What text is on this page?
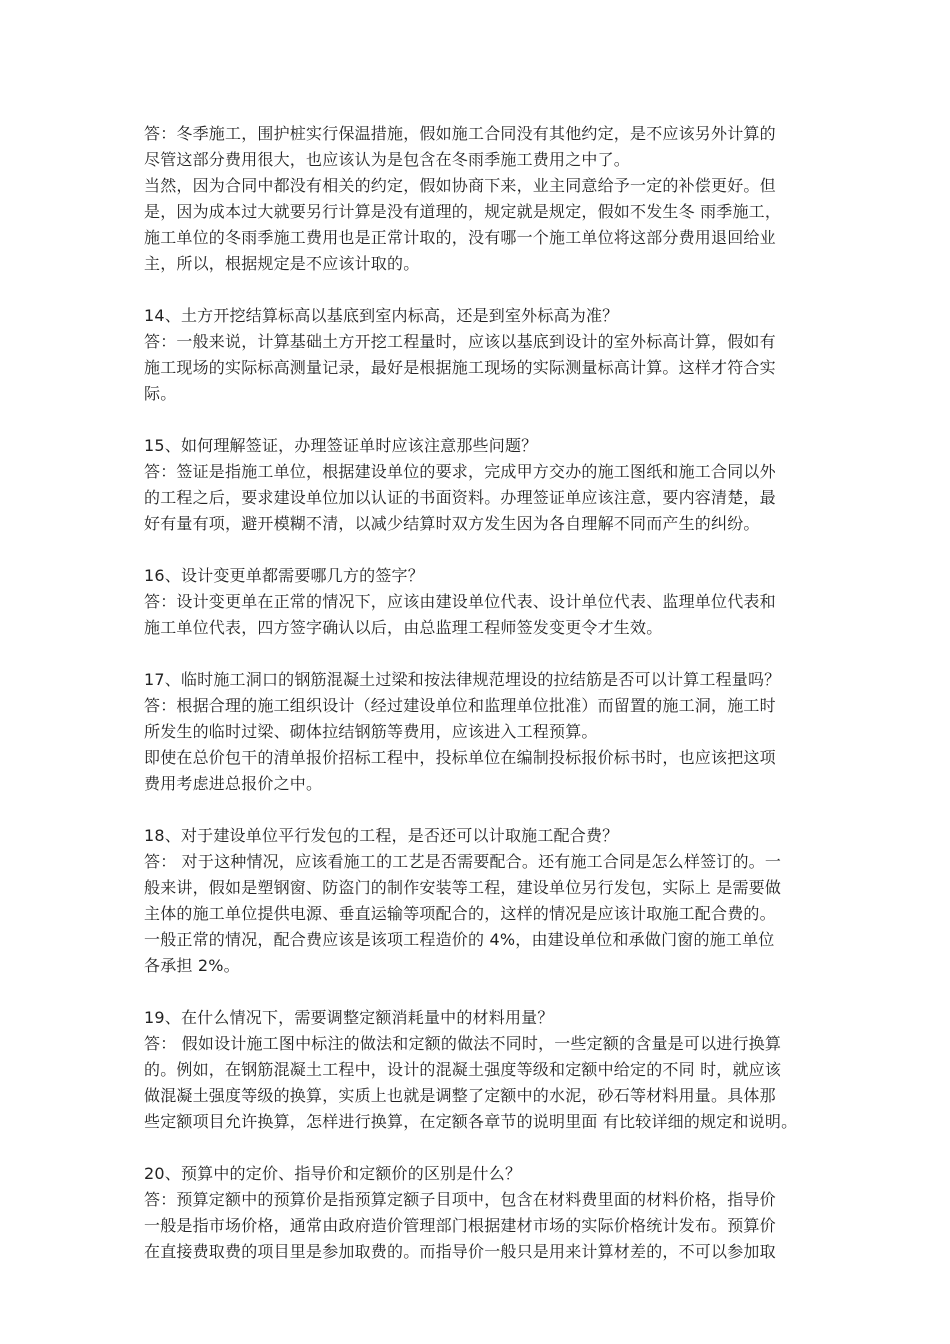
答：冬季施工，围护桩实行保温措施，假如施工合同没有其他约定，是不应该另外计算的
尽管这部分费用很大，也应该认为是包含在冬雨季施工费用之中了。
当然，因为合同中都没有相关的约定，假如协商下来，业主同意给予一定的补偿更好。但
是，因为成本过大就要另行计算是没有道理的，规定就是规定，假如不发生冬 雨季施工，
施工单位的冬雨季施工费用也是正常计取的，没有哪一个施工单位将这部分费用退回给业
主，所以，根据规定是不应该计取的。
14、土方开挖结算标高以基底到室内标高，还是到室外标高为准？
答：一般来说，计算基础土方开挖工程量时，应该以基底到设计的室外标高计算，假如有
施工现场的实际标高测量记录，最好是根据施工现场的实际测量标高计算。这样才符合实
际。
15、如何理解签证，办理签证单时应该注意那些问题？
答：签证是指施工单位，根据建设单位的要求，完成甲方交办的施工图纸和施工合同以外
的工程之后，要求建设单位加以认证的书面资料。办理签证单应该注意，要内容清楚，最
好有量有项，避开模糊不清，以减少结算时双方发生因为各自理解不同而产生的纠纷。
16、设计变更单都需要哪几方的签字？
答：设计变更单在正常的情况下，应该由建设单位代表、设计单位代表、监理单位代表和
施工单位代表，四方签字确认以后，由总监理工程师签发变更令才生效。
17、临时施工洞口的钢筋混凝土过梁和按法律规范埋设的拉结筋是否可以计算工程量吗？
答：根据合理的施工组织设计（经过建设单位和监理单位批准）而留置的施工洞，施工时
所发生的临时过梁、砌体拉结钢筋等费用，应该进入工程预算。
即使在总价包干的清单报价招标工程中，投标单位在编制投标报价标书时，也应该把这项
费用考虑进总报价之中。
18、对于建设单位平行发包的工程，是否还可以计取施工配合费？
答： 对于这种情况，应该看施工的工艺是否需要配合。还有施工合同是怎么样签订的。一
般来讲，假如是塑钢窗、防盗门的制作安装等工程，建设单位另行发包，实际上 是需要做
主体的施工单位提供电源、垂直运输等项配合的，这样的情况是应该计取施工配合费的。
一般正常的情况，配合费应该是该项工程造价的 4%，由建设单位和承做门窗的施工单位
各承担 2%。
19、在什么情况下，需要调整定额消耗量中的材料用量？
答： 假如设计施工图中标注的做法和定额的做法不同时，一些定额的含量是可以进行换算
的。例如，在钢筋混凝土工程中，设计的混凝土强度等级和定额中给定的不同 时，就应该
做混凝土强度等级的换算，实质上也就是调整了定额中的水泥，砂石等材料用量。具体那
些定额项目允许换算，怎样进行换算，在定额各章节的说明里面 有比较详细的规定和说明。
20、预算中的定价、指导价和定额价的区别是什么？
答：预算定额中的预算价是指预算定额子目项中，包含在材料费里面的材料价格，指导价
一般是指市场价格，通常由政府造价管理部门根据建材市场的实际价格统计发布。预算价
在直接费取费的项目里是参加取费的。而指导价一般只是用来计算材差的，不可以参加取
